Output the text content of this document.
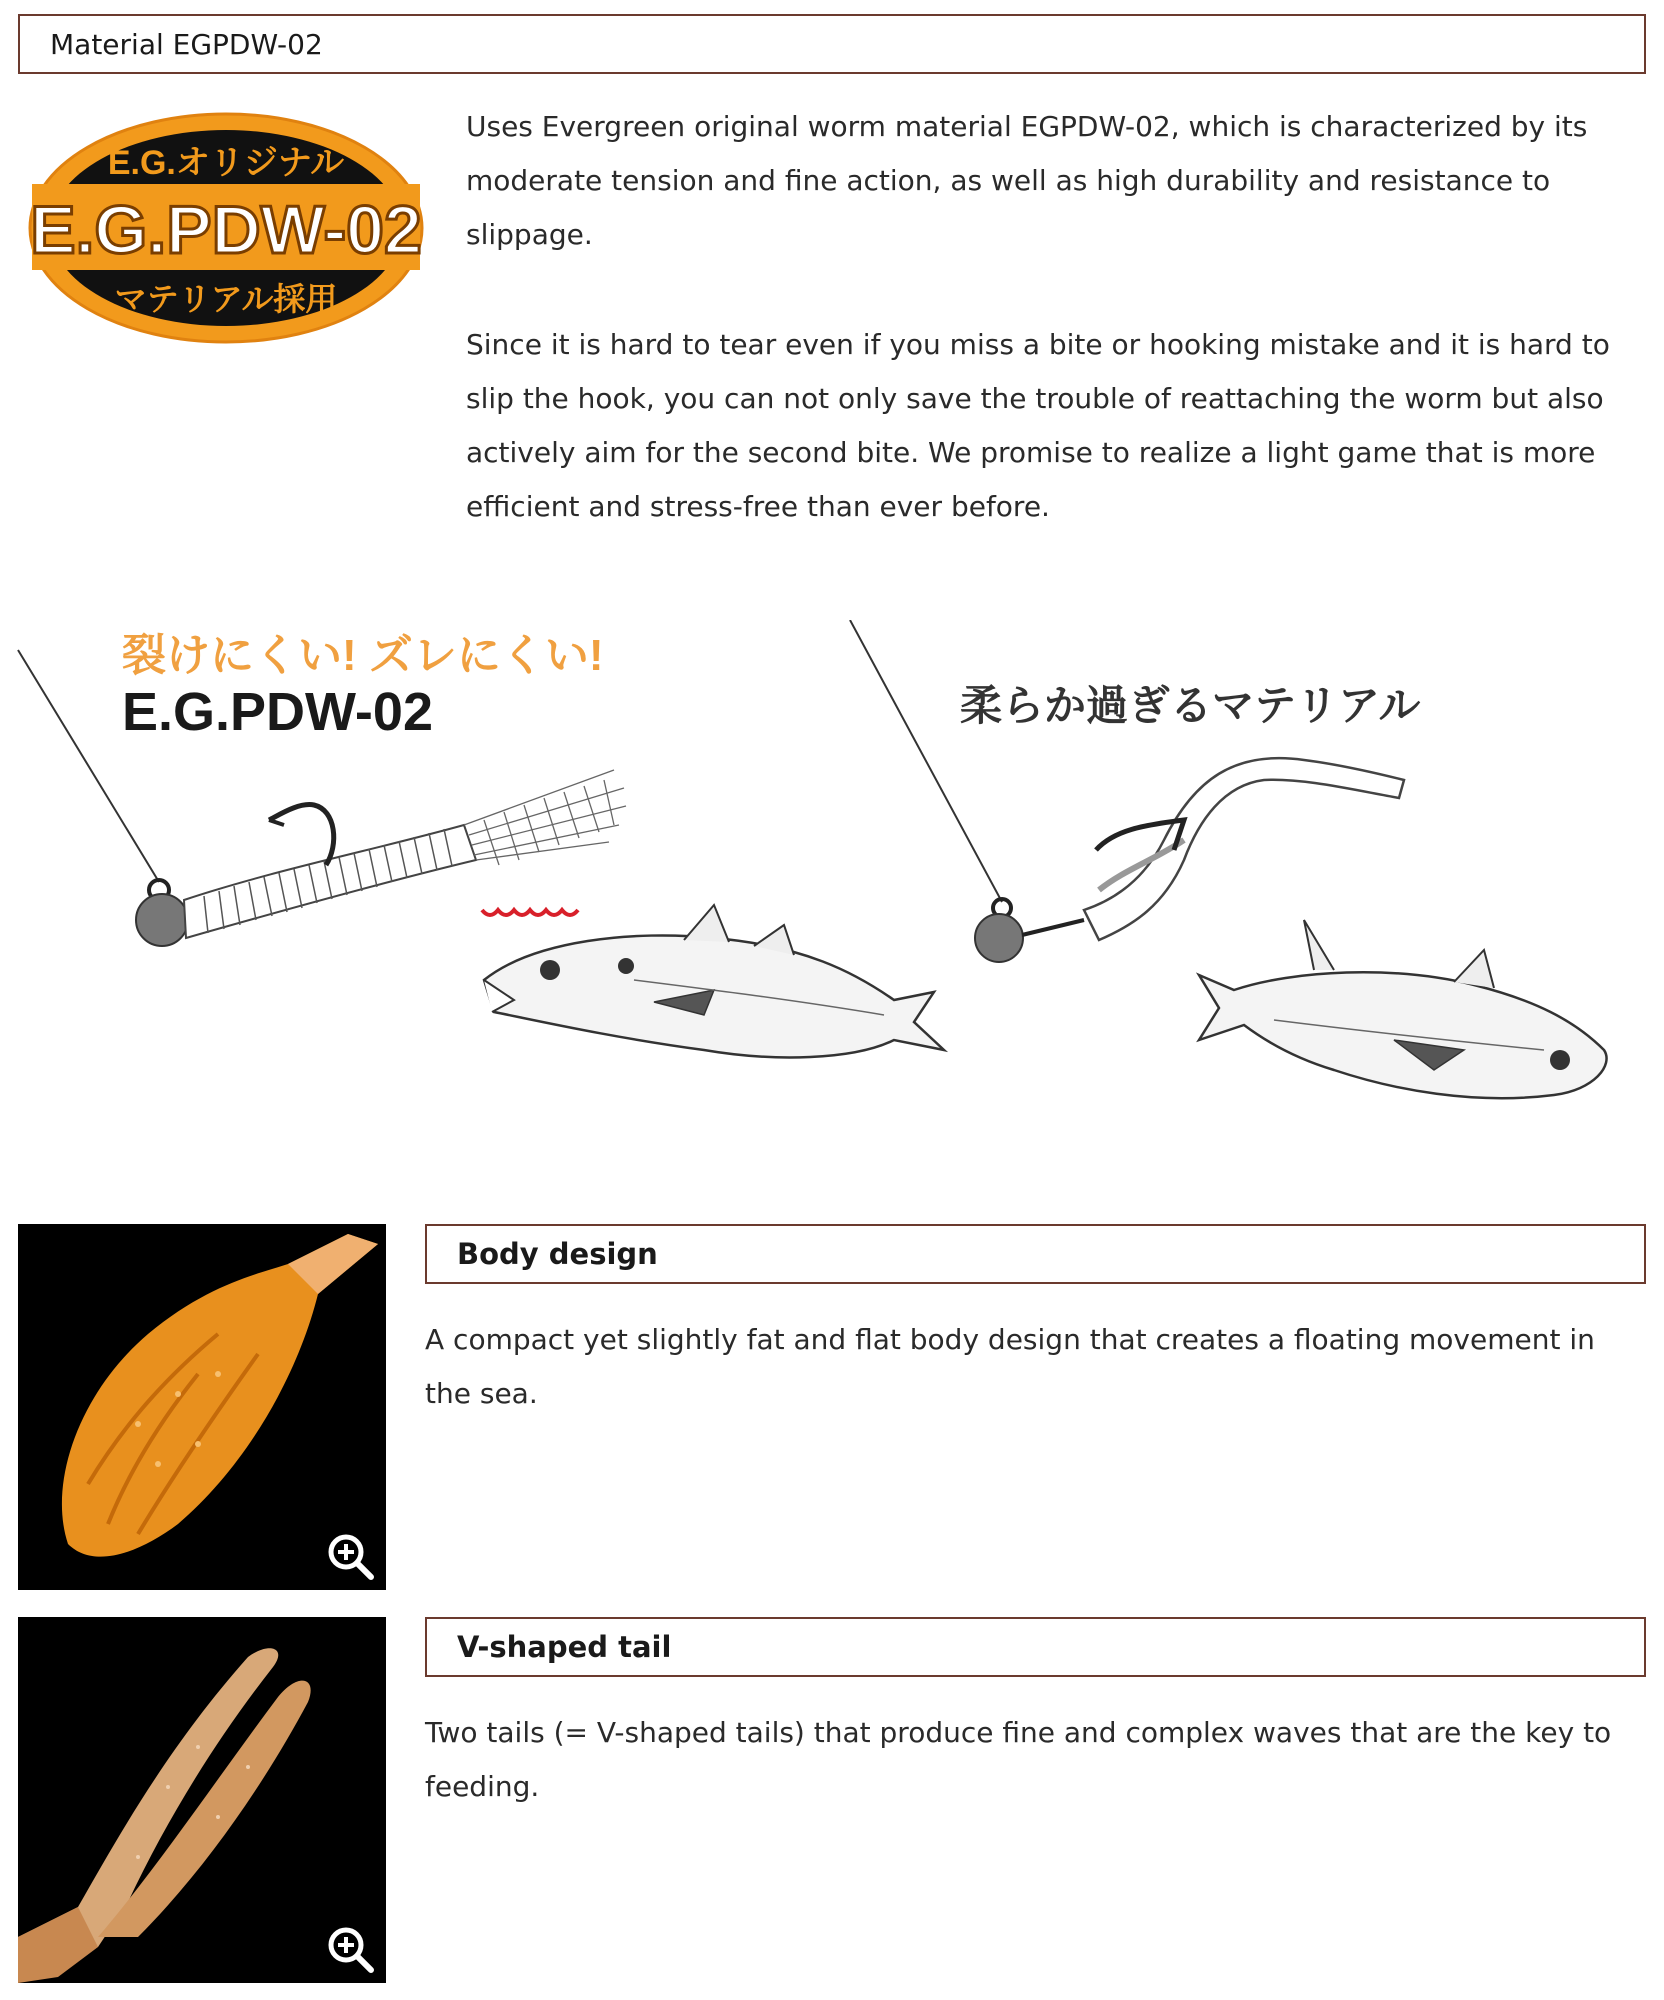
Material EGPDW-02
E.G.オリジナル
E.G.PDW-02
マテリアル採用

Uses Evergreen original worm material EGPDW-02, which is characterized by its moderate tension and fine action, as well as high durability and resistance to slippage.

Since it is hard to tear even if you miss a bite or hooking mistake and it is hard to slip the hook, you can not only save the trouble of reattaching the worm but also actively aim for the second bite. We promise to realize a light game that is more efficient and stress-free than ever before.

裂けにくい! ズレにくい!
E.G.PDW-02	柔らか過ぎるマテリアル
Body design

A compact yet slightly fat and flat body design that creates a floating movement in the sea.

V-shaped tail

Two tails (= V-shaped tails) that produce fine and complex waves that are the key to feeding.
